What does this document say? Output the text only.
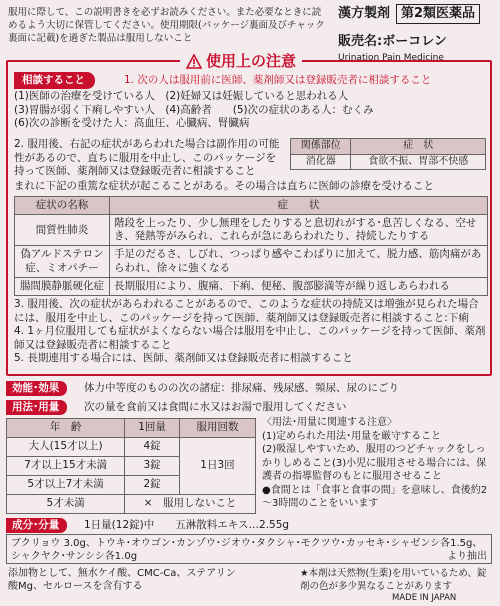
服用に際して、この説明書きを必ずお読みください。また必要なときに読めるよう大切に保管してください。使用期限(パッケージ裏面及びチャック裏面に記載)を過ぎた製品は服用しないこと
漢方製剤 第2類医薬品
販売名:ボーコレン
Urination Pain Medicine
使用上の注意
相談すること	1. 次の人は服用前に医師、薬剤師又は登録販売者に相談すること
(1)医師の治療を受けている人　(2)妊婦又は妊娠していると思われる人
(3)胃腸が弱く下痢しやすい人　(4)高齢者　　(5)次の症状のある人：むくみ
(6)次の診断を受けた人：高血圧、心臓病、腎臓病
2. 服用後、右記の症状があらわれた場合は副作用の可能性があるので、直ちに服用を中止し、このパッケージを持って医師、薬剤師又は登録販売者に相談すること
関係部位	症　状
消化器	食欲不振、胃部不快感
まれに下記の重篤な症状が起こることがある。その場合は直ちに医師の診療を受けること
症状の名称	症　　状
間質性肺炎	階段を上ったり、少し無理をしたりすると息切れがする･息苦しくなる、空せき、発熱等がみられ、これらが急にあらわれたり、持続したりする
偽アルドステロン症、ミオパチー	手足のだるさ、しびれ、つっぱり感やこわばりに加えて、脱力感、筋肉痛があらわれ、徐々に強くなる
腸間膜静脈硬化症	長期服用により、腹痛、下痢、便秘、腹部膨満等が繰り返しあらわれる
3. 服用後、次の症状があらわれることがあるので、このような症状の持続又は増強が見られた場合には、服用を中止し、このパッケージを持って医師、薬剤師又は登録販売者に相談すること:下痢
4. 1ヶ月位服用しても症状がよくならない場合は服用を中止し、このパッケージを持って医師、薬剤師又は登録販売者に相談すること
5. 長期連用する場合には、医師、薬剤師又は登録販売者に相談すること
効能･効果	体力中等度のものの次の諸症：排尿痛、残尿感、頻尿、尿のにごり
用法･用量	次の量を食前又は食間に水又はお湯で服用してください
年　齢	1回量	服用回数
大人(15才以上)	4錠	1日3回
7才以上15才未満	3錠	
5才以上7才未満	2錠	
5才未満	×　服用しないこと	
〈用法･用量に関連する注意〉
(1)定められた用法･用量を厳守すること
(2)吸湿しやすいため、服用のつどチャックをしっかりしめること(3)小児に服用させる場合には、保護者の指導監督のもとに服用させること
●食間とは「食事と食事の間」を意味し、食後約2～3時間のことをいいます
成分･分量	1日量(12錠)中　　五淋散料エキス…2.55g
ブクリョウ 3.0g、トウキ･オウゴン･カンゾウ･ジオウ･タクシャ･モクツウ･カッセキ･シャゼンシ各1.5g、シャクヤク･サンシシ各1.0g	より抽出
添加物として、無水ケイ酸、CMC-Ca、ステアリン酸Mg、セルロースを含有する
★本剤は天然物(生薬)を用いているため、錠剤の色が多少異なることがあります
MADE IN JAPAN
